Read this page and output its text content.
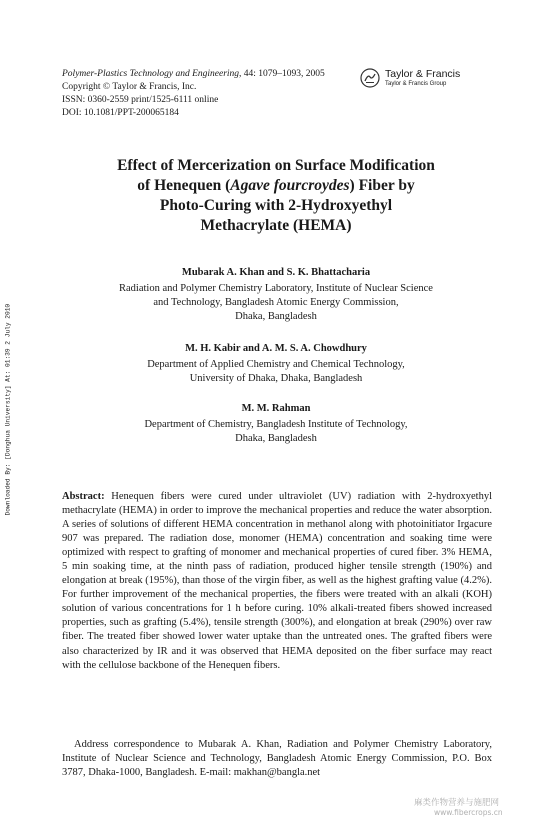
Polymer-Plastics Technology and Engineering, 44: 1079–1093, 2005
Copyright © Taylor & Francis, Inc.
ISSN: 0360-2559 print/1525-6111 online
DOI: 10.1081/PPT-200065184
Taylor & Francis
Taylor & Francis Group
Effect of Mercerization on Surface Modification
of Henequen (Agave fourcroydes) Fiber by
Photo-Curing with 2-Hydroxyethyl
Methacrylate (HEMA)
Mubarak A. Khan and S. K. Bhattacharia
Radiation and Polymer Chemistry Laboratory, Institute of Nuclear Science
and Technology, Bangladesh Atomic Energy Commission,
Dhaka, Bangladesh
M. H. Kabir and A. M. S. A. Chowdhury
Department of Applied Chemistry and Chemical Technology,
University of Dhaka, Dhaka, Bangladesh
M. M. Rahman
Department of Chemistry, Bangladesh Institute of Technology,
Dhaka, Bangladesh
Downloaded By: [Donghua University] At: 01:39 2 July 2010	Abstract: Henequen fibers were cured under ultraviolet (UV) radiation with 2-hydroxyethyl methacrylate (HEMA) in order to improve the mechanical properties and reduce the water absorption. A series of solutions of different HEMA concentration in methanol along with photoinitiator Irgacure 907 was prepared. The radiation dose, monomer (HEMA) concentration and soaking time were optimized with respect to grafting of monomer and mechanical properties of cured fiber. 3% HEMA, 5 min soaking time, at the ninth pass of radiation, produced higher tensile strength (190%) and elongation at break (195%), than those of the virgin fiber, as well as the highest grafting value (4.2%). For further improvement of the mechanical properties, the fibers were treated with an alkali (KOH) solution of various concentrations for 1 h before curing. 10% alkali-treated fibers showed increased properties, such as grafting (5.4%), tensile strength (300%), and elongation at break (290%) over raw fiber. The treated fiber showed lower water uptake than the untreated ones. The grafted fibers were also characterized by IR and it was observed that HEMA deposited on the fiber surface may react with the cellulose backbone of the Henequen fibers.

Address correspondence to Mubarak A. Khan, Radiation and Polymer Chemistry Laboratory, Institute of Nuclear Science and Technology, Bangladesh Atomic Energy Commission, P.O. Box 3787, Dhaka-1000, Bangladesh. E-mail: makhan@bangla.net
麻类作物营养与施肥网
www.fibercrops.cn
